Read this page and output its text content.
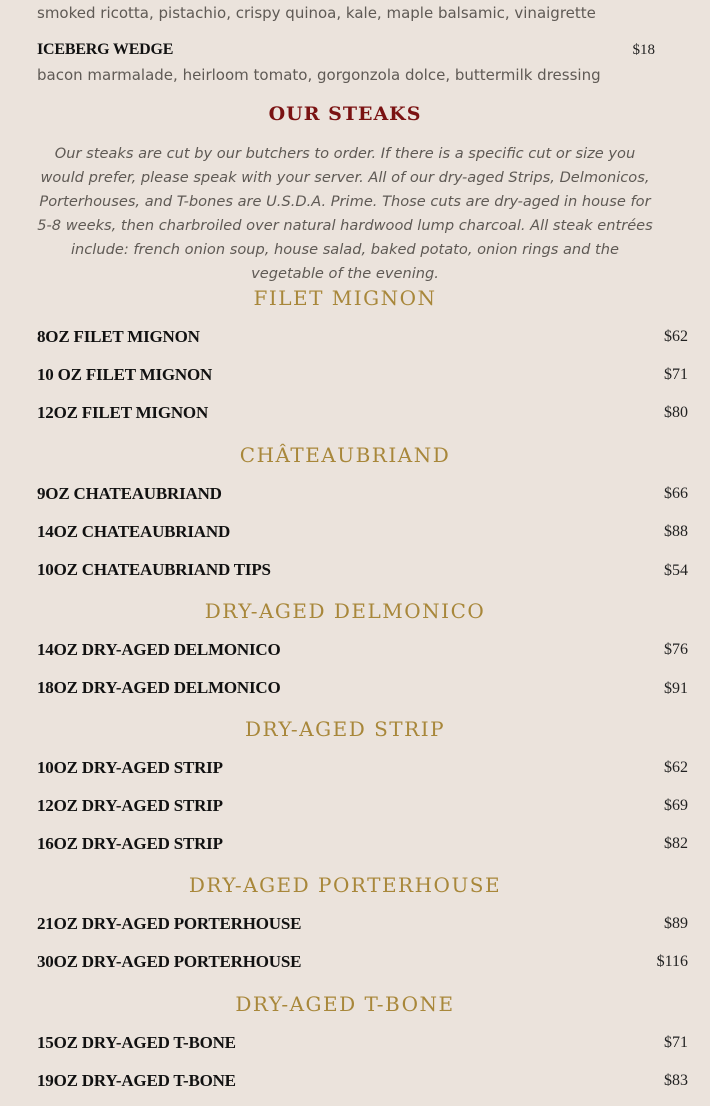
smoked ricotta, pistachio, crispy quinoa, kale, maple balsamic, vinaigrette
ICEBERG WEDGE	$18
bacon marmalade, heirloom tomato, gorgonzola dolce, buttermilk dressing
OUR STEAKS
Our steaks are cut by our butchers to order. If there is a specific cut or size you would prefer, please speak with your server. All of our dry-aged Strips, Delmonicos, Porterhouses, and T-bones are U.S.D.A. Prime. Those cuts are dry-aged in house for 5-8 weeks, then charbroiled over natural hardwood lump charcoal. All steak entrées include: french onion soup, house salad, baked potato, onion rings and the vegetable of the evening.
FILET MIGNON
8OZ FILET MIGNON	$62
10 OZ FILET MIGNON	$71
12OZ FILET MIGNON	$80
CHÂTEAUBRIAND
9OZ CHATEAUBRIAND	$66
14OZ CHATEAUBRIAND	$88
10OZ CHATEAUBRIAND TIPS	$54
DRY-AGED DELMONICO
14OZ DRY-AGED DELMONICO	$76
18OZ DRY-AGED DELMONICO	$91
DRY-AGED STRIP
10OZ DRY-AGED STRIP	$62
12OZ DRY-AGED STRIP	$69
16OZ DRY-AGED STRIP	$82
DRY-AGED PORTERHOUSE
21OZ DRY-AGED PORTERHOUSE	$89
30OZ DRY-AGED PORTERHOUSE	$116
DRY-AGED T-BONE
15OZ DRY-AGED T-BONE	$71
19OZ DRY-AGED T-BONE	$83
